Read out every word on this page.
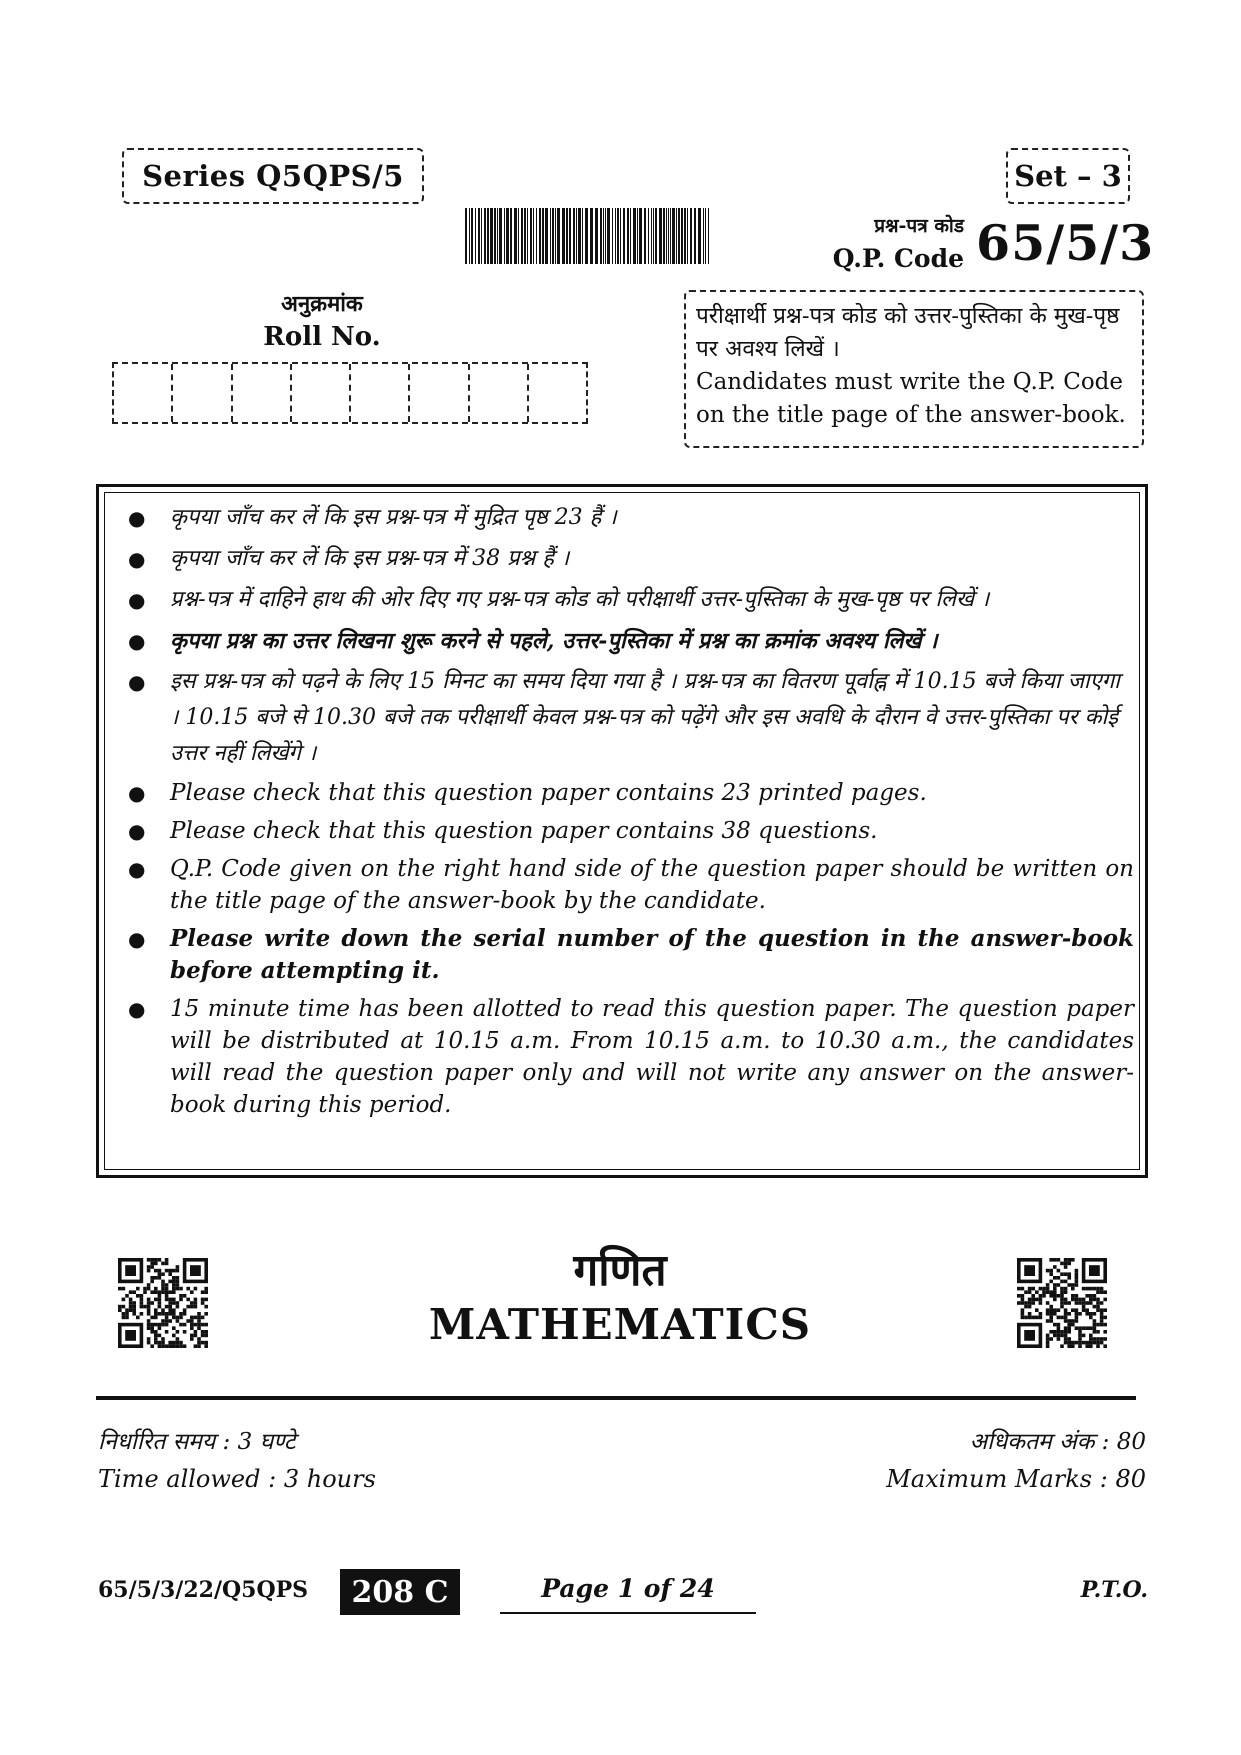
Series Q5QPS/5	Set – 3
प्रश्न-पत्र कोड
Q.P. Code 65/5/3
अनुक्रमांक
Roll No.
परीक्षार्थी प्रश्न-पत्र कोड को उत्तर-पुस्तिका के मुख-पृष्ठ पर अवश्य लिखें ।
Candidates must write the Q.P. Code on the title page of the answer-book.
● कृपया जाँच कर लें कि इस प्रश्न-पत्र में मुद्रित पृष्ठ 23 हैं ।
● कृपया जाँच कर लें कि इस प्रश्न-पत्र में 38 प्रश्न हैं ।
● प्रश्न-पत्र में दाहिने हाथ की ओर दिए गए प्रश्न-पत्र कोड को परीक्षार्थी उत्तर-पुस्तिका के मुख-पृष्ठ पर लिखें ।
● कृपया प्रश्न का उत्तर लिखना शुरू करने से पहले, उत्तर-पुस्तिका में प्रश्न का क्रमांक अवश्य लिखें ।
● इस प्रश्न-पत्र को पढ़ने के लिए 15 मिनट का समय दिया गया है । प्रश्न-पत्र का वितरण पूर्वाह्न में 10.15 बजे किया जाएगा । 10.15 बजे से 10.30 बजे तक परीक्षार्थी केवल प्रश्न-पत्र को पढ़ेंगे और इस अवधि के दौरान वे उत्तर-पुस्तिका पर कोई उत्तर नहीं लिखेंगे ।
● Please check that this question paper contains 23 printed pages.
● Please check that this question paper contains 38 questions.
● Q.P. Code given on the right hand side of the question paper should be written on the title page of the answer-book by the candidate.
● Please write down the serial number of the question in the answer-book before attempting it.
● 15 minute time has been allotted to read this question paper. The question paper will be distributed at 10.15 a.m. From 10.15 a.m. to 10.30 a.m., the candidates will read the question paper only and will not write any answer on the answer-book during this period.
गणित
MATHEMATICS
निर्धारित समय : 3 घण्टे
Time allowed : 3 hours
अधिकतम अंक : 80
Maximum Marks : 80
65/5/3/22/Q5QPS	208 C	Page 1 of 24	P.T.O.
